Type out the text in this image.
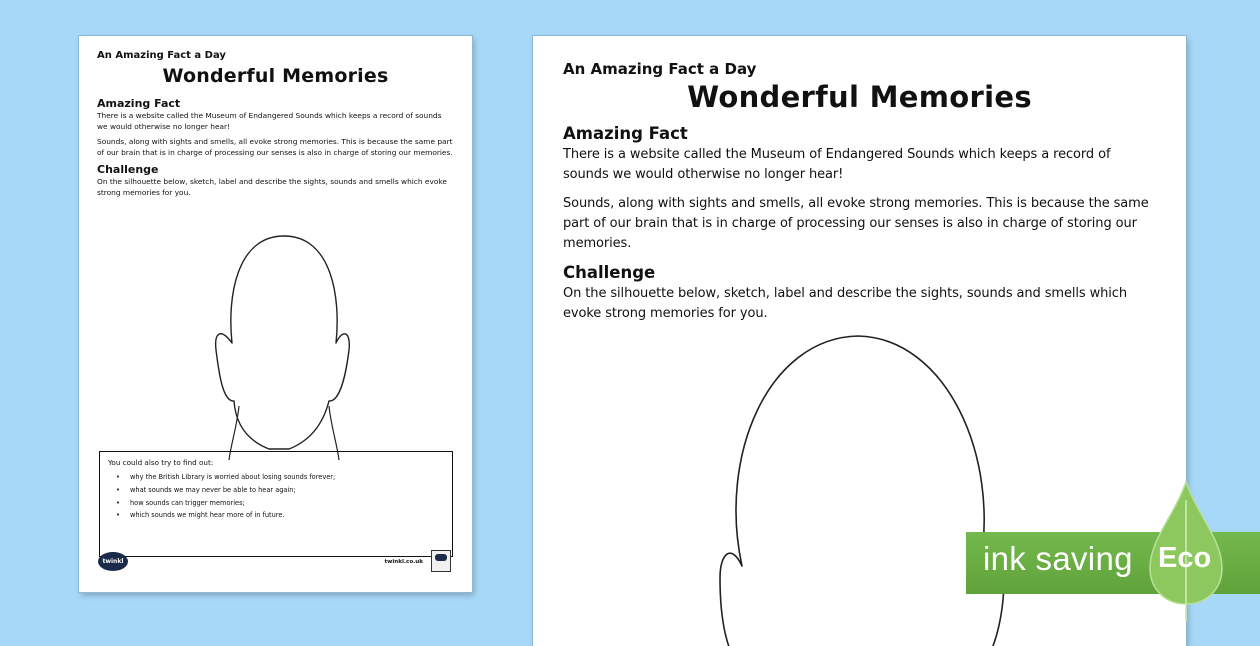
An Amazing Fact a Day
Wonderful Memories
Amazing Fact
There is a website called the Museum of Endangered Sounds which keeps a record of sounds we would otherwise no longer hear!
Sounds, along with sights and smells, all evoke strong memories. This is because the same part of our brain that is in charge of processing our senses is also in charge of storing our memories.
Challenge
On the silhouette below, sketch, label and describe the sights, sounds and smells which evoke strong memories for you.
You could also try to find out:
• why the British Library is worried about losing sounds forever;
• what sounds we may never be able to hear again;
• how sounds can trigger memories;
• which sounds we might hear more of in future.
twinkl	twinkl.co.uk
An Amazing Fact a Day
Wonderful Memories
Amazing Fact
There is a website called the Museum of Endangered Sounds which keeps a record of sounds we would otherwise no longer hear!
Sounds, along with sights and smells, all evoke strong memories. This is because the same part of our brain that is in charge of processing our senses is also in charge of storing our memories.
Challenge
On the silhouette below, sketch, label and describe the sights, sounds and smells which evoke strong memories for you.
ink saving Eco
